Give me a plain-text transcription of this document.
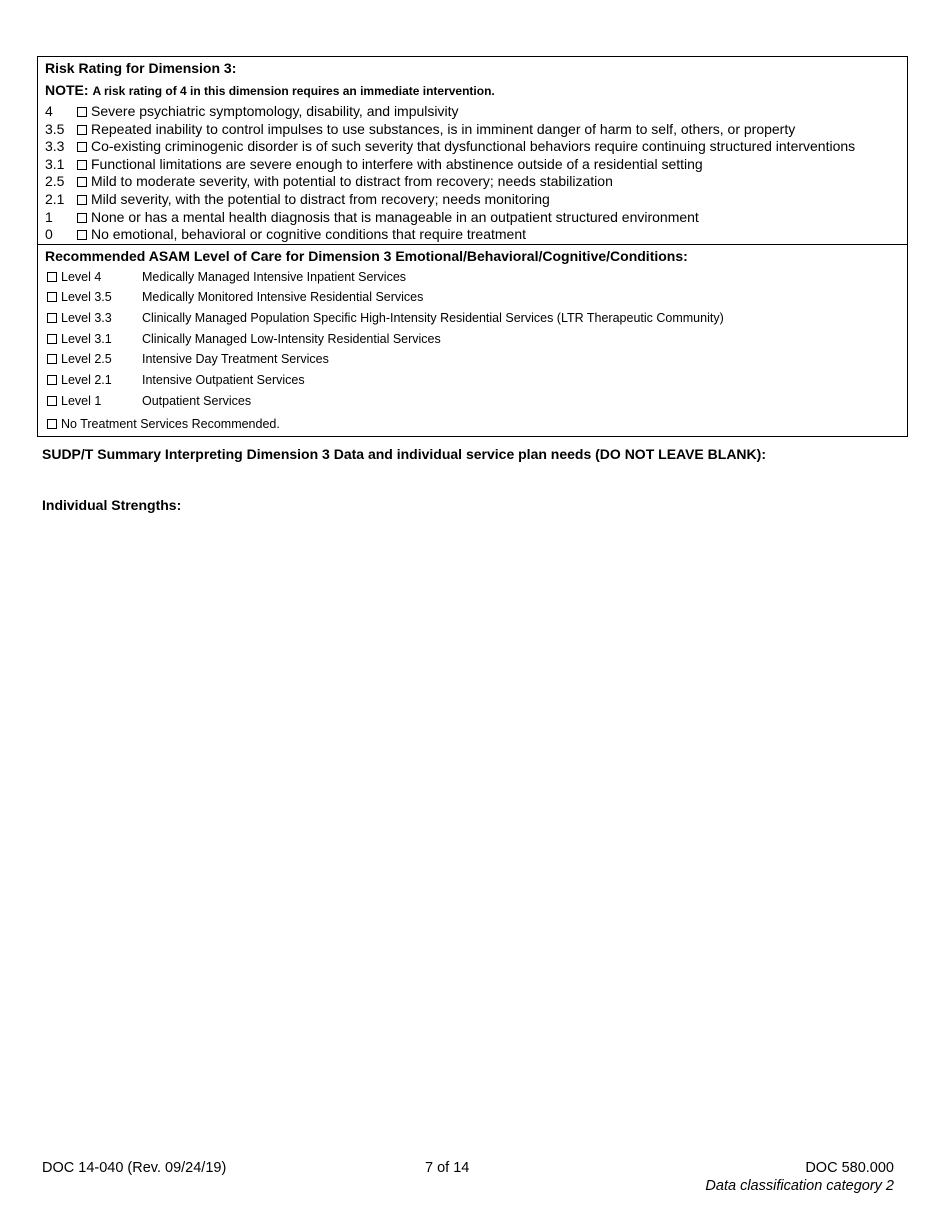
Risk Rating for Dimension 3:
NOTE: A risk rating of 4 in this dimension requires an immediate intervention.
4	Severe psychiatric symptomology, disability, and impulsivity
3.5	Repeated inability to control impulses to use substances, is in imminent danger of harm to self, others, or property
3.3	Co-existing criminogenic disorder is of such severity that dysfunctional behaviors require continuing structured interventions
3.1	Functional limitations are severe enough to interfere with abstinence outside of a residential setting
2.5	Mild to moderate severity, with potential to distract from recovery; needs stabilization
2.1	Mild severity, with the potential to distract from recovery; needs monitoring
1	None or has a mental health diagnosis that is manageable in an outpatient structured environment
0	No emotional, behavioral or cognitive conditions that require treatment
Recommended ASAM Level of Care for Dimension 3 Emotional/Behavioral/Cognitive/Conditions:
Level 4	Medically Managed Intensive Inpatient Services
Level 3.5 Medically Monitored Intensive Residential Services
Level 3.3 Clinically Managed Population Specific High-Intensity Residential Services (LTR Therapeutic Community)
Level 3.1 Clinically Managed Low-Intensity Residential Services
Level 2.5 Intensive Day Treatment Services
Level 2.1 Intensive Outpatient Services
Level 1	Outpatient Services
No Treatment Services Recommended.
SUDP/T Summary Interpreting Dimension 3 Data and individual service plan needs (DO NOT LEAVE BLANK):
Individual Strengths:
DOC 14-040 (Rev. 09/24/19)	7 of 14	DOC 580.000
Data classification category 2
